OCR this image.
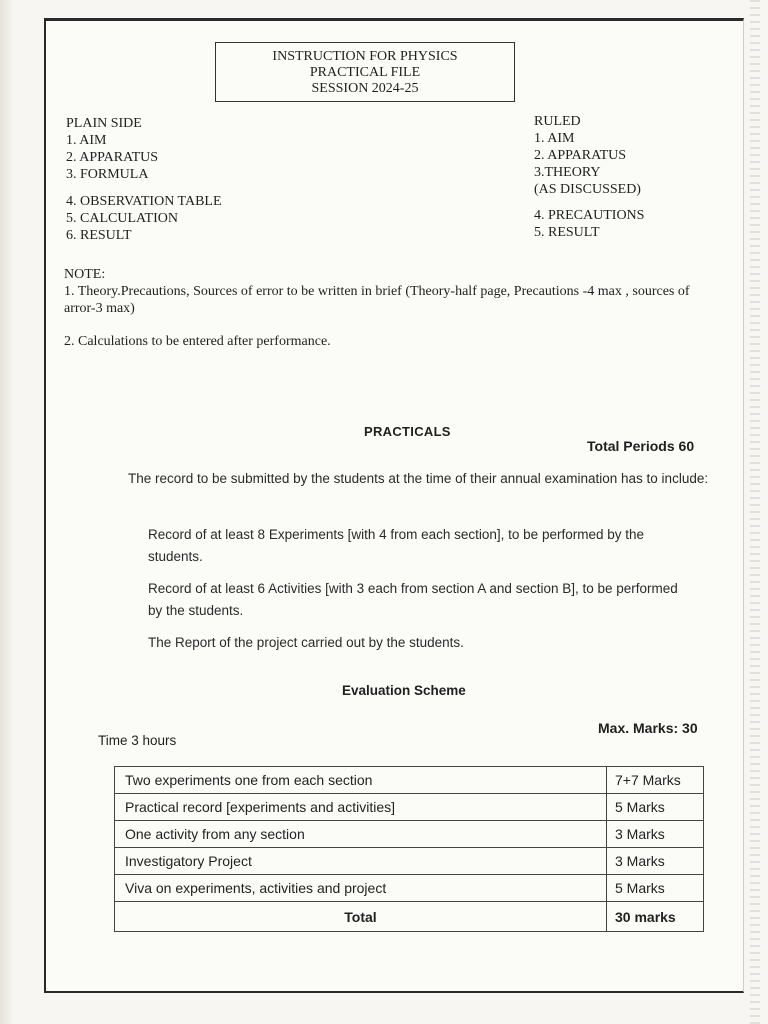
INSTRUCTION FOR PHYSICS
PRACTICAL FILE
SESSION 2024-25
PLAIN SIDE
1. AIM
2. APPARATUS
3. FORMULA
4. OBSERVATION TABLE
5. CALCULATION
6. RESULT
RULED
1. AIM
2. APPARATUS
3.THEORY
(AS DISCUSSED)
4. PRECAUTIONS
5. RESULT
NOTE:
1. Theory.Precautions, Sources of error to be written in brief (Theory-half page, Precautions -4 max , sources of arror-3 max)
2. Calculations to be entered after performance.
PRACTICALS
Total Periods 60
The record to be submitted by the students at the time of their annual examination has to include:
Record of at least 8 Experiments [with 4 from each section], to be performed by the students.
Record of at least 6 Activities [with 3 each from section A and section B], to be performed by the students.
The Report of the project carried out by the students.
Evaluation Scheme
Max. Marks: 30
Time 3 hours
Two experiments one from each section	7+7 Marks
Practical record [experiments and activities]	5 Marks
One activity from any section	3 Marks
Investigatory Project	3 Marks
Viva on experiments, activities and project	5 Marks
Total	30 marks
